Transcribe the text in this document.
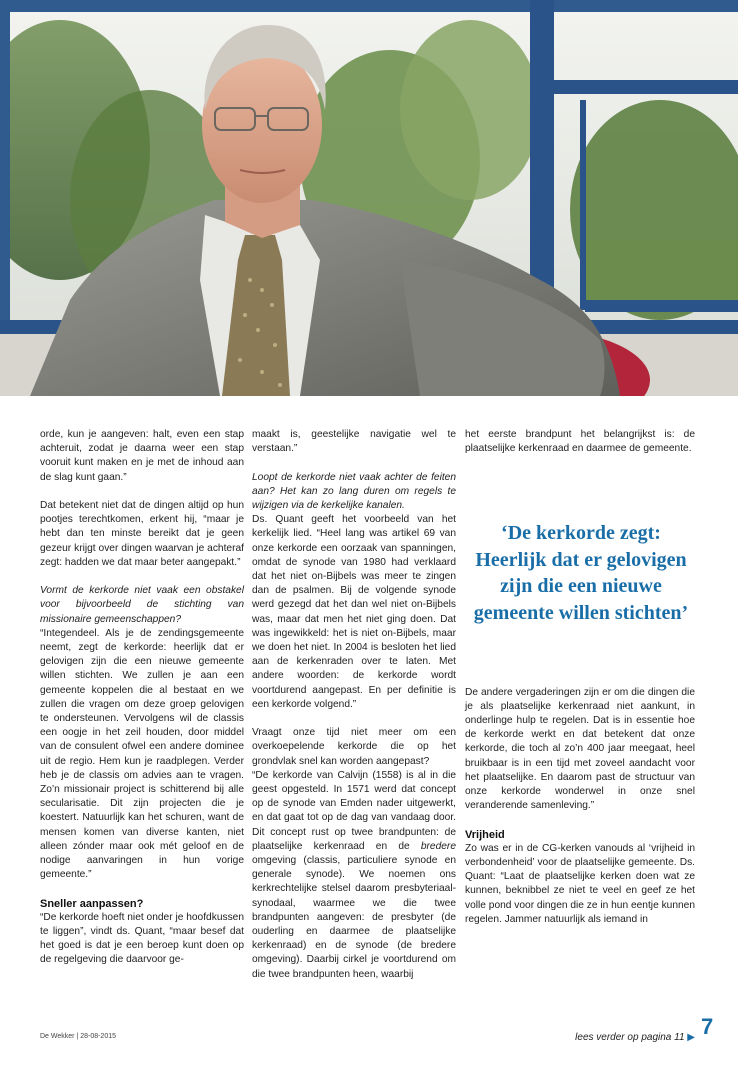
orde, kun je aangeven: halt, even een stap achteruit, zodat je daarna weer een stap vooruit kunt maken en je met de inhoud aan de slag kunt gaan.”

Dat betekent niet dat de dingen altijd op hun pootjes terechtkomen, erkent hij, “maar je hebt dan ten minste bereikt dat je geen gezeur krijgt over dingen waarvan je achteraf zegt: hadden we dat maar beter aangepakt.”

Vormt de kerkorde niet vaak een obstakel voor bijvoorbeeld de stichting van missionaire gemeenschappen?

“Integendeel. Als je de zendingsgemeente neemt, zegt de kerkorde: heerlijk dat er gelovigen zijn die een nieuwe gemeente willen stichten. We zullen je aan een gemeente koppelen die al bestaat en we zullen die vragen om deze groep gelovigen te ondersteunen. Vervolgens wil de classis een oogje in het zeil houden, door middel van de consulent ofwel een andere dominee uit de regio. Hem kun je raadplegen. Verder heb je de classis om advies aan te vragen. Zo’n missionair project is schitterend bij alle secularisatie. Dit zijn projecten die je koestert. Natuurlijk kan het schuren, want de mensen komen van diverse kanten, niet alleen zónder maar ook mét geloof en de nodige aanvaringen in hun vorige gemeente.”

Sneller aanpassen?

“De kerkorde hoeft niet onder je hoofdkussen te liggen”, vindt ds. Quant, “maar besef dat het goed is dat je een beroep kunt doen op de regelgeving die daarvoor ge-

maakt is, geestelijke navigatie wel te verstaan.”

Loopt de kerkorde niet vaak achter de feiten aan? Het kan zo lang duren om regels te wijzigen via de kerkelijke kanalen.

Ds. Quant geeft het voorbeeld van het kerkelijk lied. “Heel lang was artikel 69 van onze kerkorde een oorzaak van spanningen, omdat de synode van 1980 had verklaard dat het niet on-Bijbels was meer te zingen dan de psalmen. Bij de volgende synode werd gezegd dat het dan wel niet on-Bijbels was, maar dat men het niet ging doen. Dat was ingewikkeld: het is niet on-Bijbels, maar we doen het niet. In 2004 is besloten het lied aan de kerkenraden over te laten. Met andere woorden: de kerkorde wordt voortdurend aangepast. En per definitie is een kerkorde volgend.”

Vraagt onze tijd niet meer om een overkoepelende kerkorde die op het grondvlak snel kan worden aangepast?

“De kerkorde van Calvijn (1558) is al in die geest opgesteld. In 1571 werd dat concept op de synode van Emden nader uitgewerkt, en dat gaat tot op de dag van vandaag door. Dit concept rust op twee brandpunten: de plaatselijke kerkenraad en de bredere omgeving (classis, particuliere synode en generale synode). We noemen ons kerkrechtelijke stelsel daarom presbyteriaal-synodaal, waarmee we die twee brandpunten aangeven: de presbyter (de ouderling en daarmee de plaatselijke kerkenraad) en de synode (de bredere omgeving). Daarbij cirkel je voortdurend om die twee brandpunten heen, waarbij

het eerste brandpunt het belangrijkst is: de plaatselijke kerkenraad en daarmee de gemeente.

De andere vergaderingen zijn er om die dingen die je als plaatselijke kerkenraad niet aankunt, in onderlinge hulp te regelen. Dat is in essentie hoe de kerkorde werkt en dat betekent dat onze kerkorde, die toch al zo’n 400 jaar meegaat, heel bruikbaar is in een tijd met zoveel aandacht voor het plaatselijke. En daarom past de structuur van onze kerkorde wonderwel in onze snel veranderende samenleving.”

Vrijheid

Zo was er in de CG-kerken vanouds al ‘vrijheid in verbondenheid’ voor de plaatselijke gemeente. Ds. Quant: “Laat de plaatselijke kerken doen wat ze kunnen, beknibbel ze niet te veel en geef ze het volle pond voor dingen die ze in hun eentje kunnen regelen. Jammer natuurlijk als iemand in

‘De kerkorde zegt: Heerlijk dat er gelovigen zijn die een nieuwe gemeente willen stichten’
lees verder op pagina 11 ▶
De Wekker | 28-08-2015	7
